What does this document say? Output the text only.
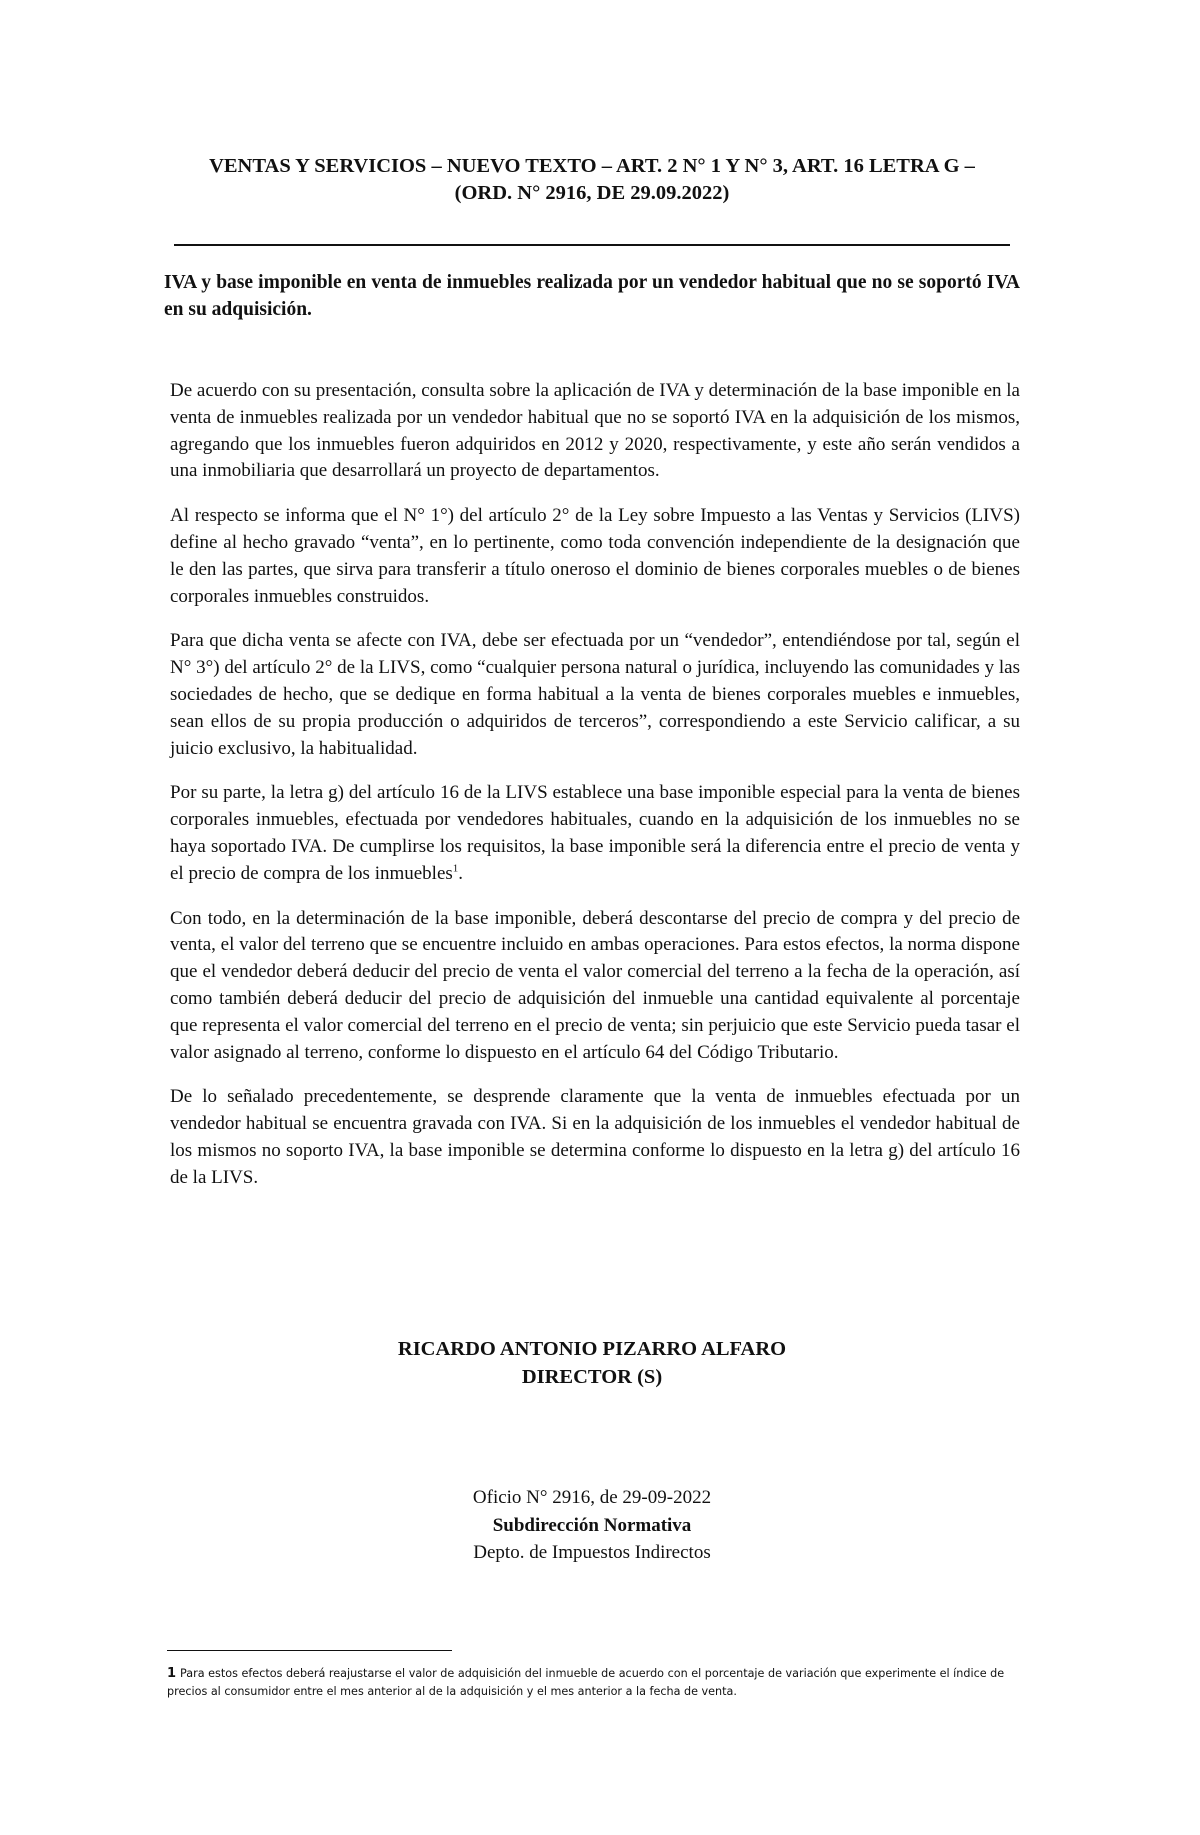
VENTAS Y SERVICIOS – NUEVO TEXTO – ART. 2 N° 1 Y N° 3, ART. 16 LETRA G –
(ORD. N° 2916, DE 29.09.2022)
IVA y base imponible en venta de inmuebles realizada por un vendedor habitual que no se soportó IVA en su adquisición.

De acuerdo con su presentación, consulta sobre la aplicación de IVA y determinación de la base imponible en la venta de inmuebles realizada por un vendedor habitual que no se soportó IVA en la adquisición de los mismos, agregando que los inmuebles fueron adquiridos en 2012 y 2020, respectivamente, y este año serán vendidos a una inmobiliaria que desarrollará un proyecto de departamentos.

Al respecto se informa que el N° 1°) del artículo 2° de la Ley sobre Impuesto a las Ventas y Servicios (LIVS) define al hecho gravado “venta”, en lo pertinente, como toda convención independiente de la designación que le den las partes, que sirva para transferir a título oneroso el dominio de bienes corporales muebles o de bienes corporales inmuebles construidos.

Para que dicha venta se afecte con IVA, debe ser efectuada por un “vendedor”, entendiéndose por tal, según el N° 3°) del artículo 2° de la LIVS, como “cualquier persona natural o jurídica, incluyendo las comunidades y las sociedades de hecho, que se dedique en forma habitual a la venta de bienes corporales muebles e inmuebles, sean ellos de su propia producción o adquiridos de terceros”, correspondiendo a este Servicio calificar, a su juicio exclusivo, la habitualidad.

Por su parte, la letra g) del artículo 16 de la LIVS establece una base imponible especial para la venta de bienes corporales inmuebles, efectuada por vendedores habituales, cuando en la adquisición de los inmuebles no se haya soportado IVA. De cumplirse los requisitos, la base imponible será la diferencia entre el precio de venta y el precio de compra de los inmuebles$^1$.

Con todo, en la determinación de la base imponible, deberá descontarse del precio de compra y del precio de venta, el valor del terreno que se encuentre incluido en ambas operaciones. Para estos efectos, la norma dispone que el vendedor deberá deducir del precio de venta el valor comercial del terreno a la fecha de la operación, así como también deberá deducir del precio de adquisición del inmueble una cantidad equivalente al porcentaje que representa el valor comercial del terreno en el precio de venta; sin perjuicio que este Servicio pueda tasar el valor asignado al terreno, conforme lo dispuesto en el artículo 64 del Código Tributario.

De lo señalado precedentemente, se desprende claramente que la venta de inmuebles efectuada por un vendedor habitual se encuentra gravada con IVA. Si en la adquisición de los inmuebles el vendedor habitual de los mismos no soporto IVA, la base imponible se determina conforme lo dispuesto en la letra g) del artículo 16 de la LIVS.

RICARDO ANTONIO PIZARRO ALFARO
DIRECTOR (S)
Oficio N° 2916, de 29-09-2022
Subdirección Normativa
Depto. de Impuestos Indirectos
1 Para estos efectos deberá reajustarse el valor de adquisición del inmueble de acuerdo con el porcentaje de variación que experimente el índice de precios al consumidor entre el mes anterior al de la adquisición y el mes anterior a la fecha de venta.
